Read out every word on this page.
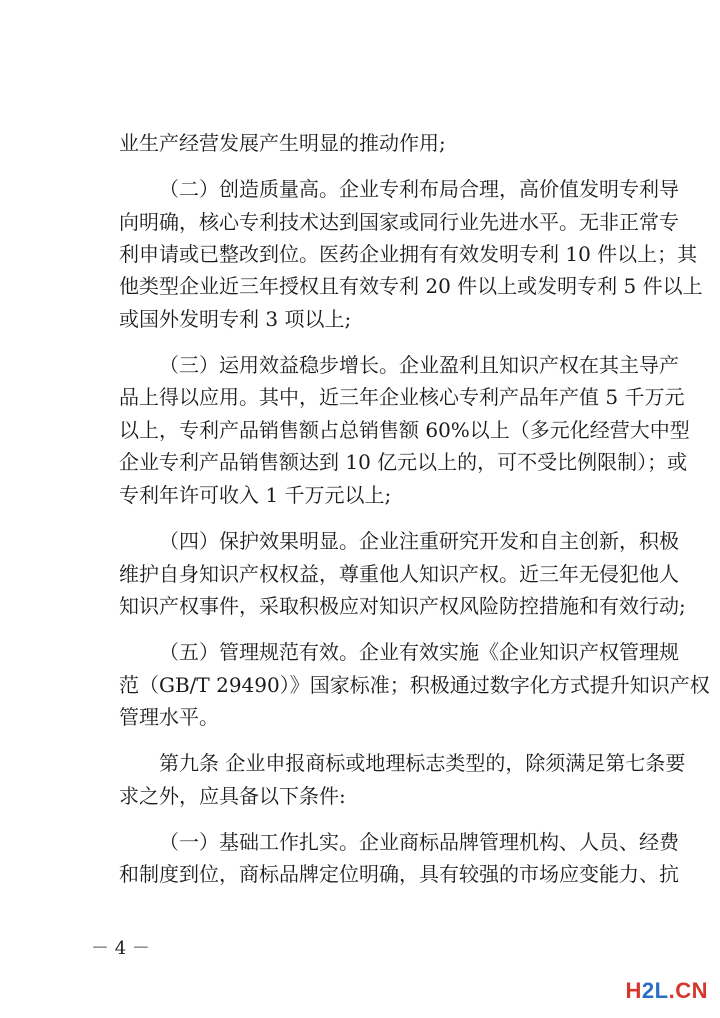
业生产经营发展产生明显的推动作用;
（二）创造质量高。企业专利布局合理，高价值发明专利导
向明确，核心专利技术达到国家或同行业先进水平。无非正常专
利申请或已整改到位。医药企业拥有有效发明专利 10 件以上；其
他类型企业近三年授权且有效专利 20 件以上或发明专利 5 件以上
或国外发明专利 3 项以上;
（三）运用效益稳步增长。企业盈利且知识产权在其主导产
品上得以应用。其中，近三年企业核心专利产品年产值 5 千万元
以上，专利产品销售额占总销售额 60%以上（多元化经营大中型
企业专利产品销售额达到 10 亿元以上的，可不受比例限制）；或
专利年许可收入 1 千万元以上;
（四）保护效果明显。企业注重研究开发和自主创新，积极
维护自身知识产权权益，尊重他人知识产权。近三年无侵犯他人
知识产权事件，采取积极应对知识产权风险防控措施和有效行动;
（五）管理规范有效。企业有效实施《企业知识产权管理规
范（GB/T 29490）》国家标准；积极通过数字化方式提升知识产权
管理水平。
第九条 企业申报商标或地理标志类型的，除须满足第七条要
求之外，应具备以下条件:
（一）基础工作扎实。企业商标品牌管理机构、人员、经费
和制度到位，商标品牌定位明确，具有较强的市场应变能力、抗
－ 4 －
H2L.CN
